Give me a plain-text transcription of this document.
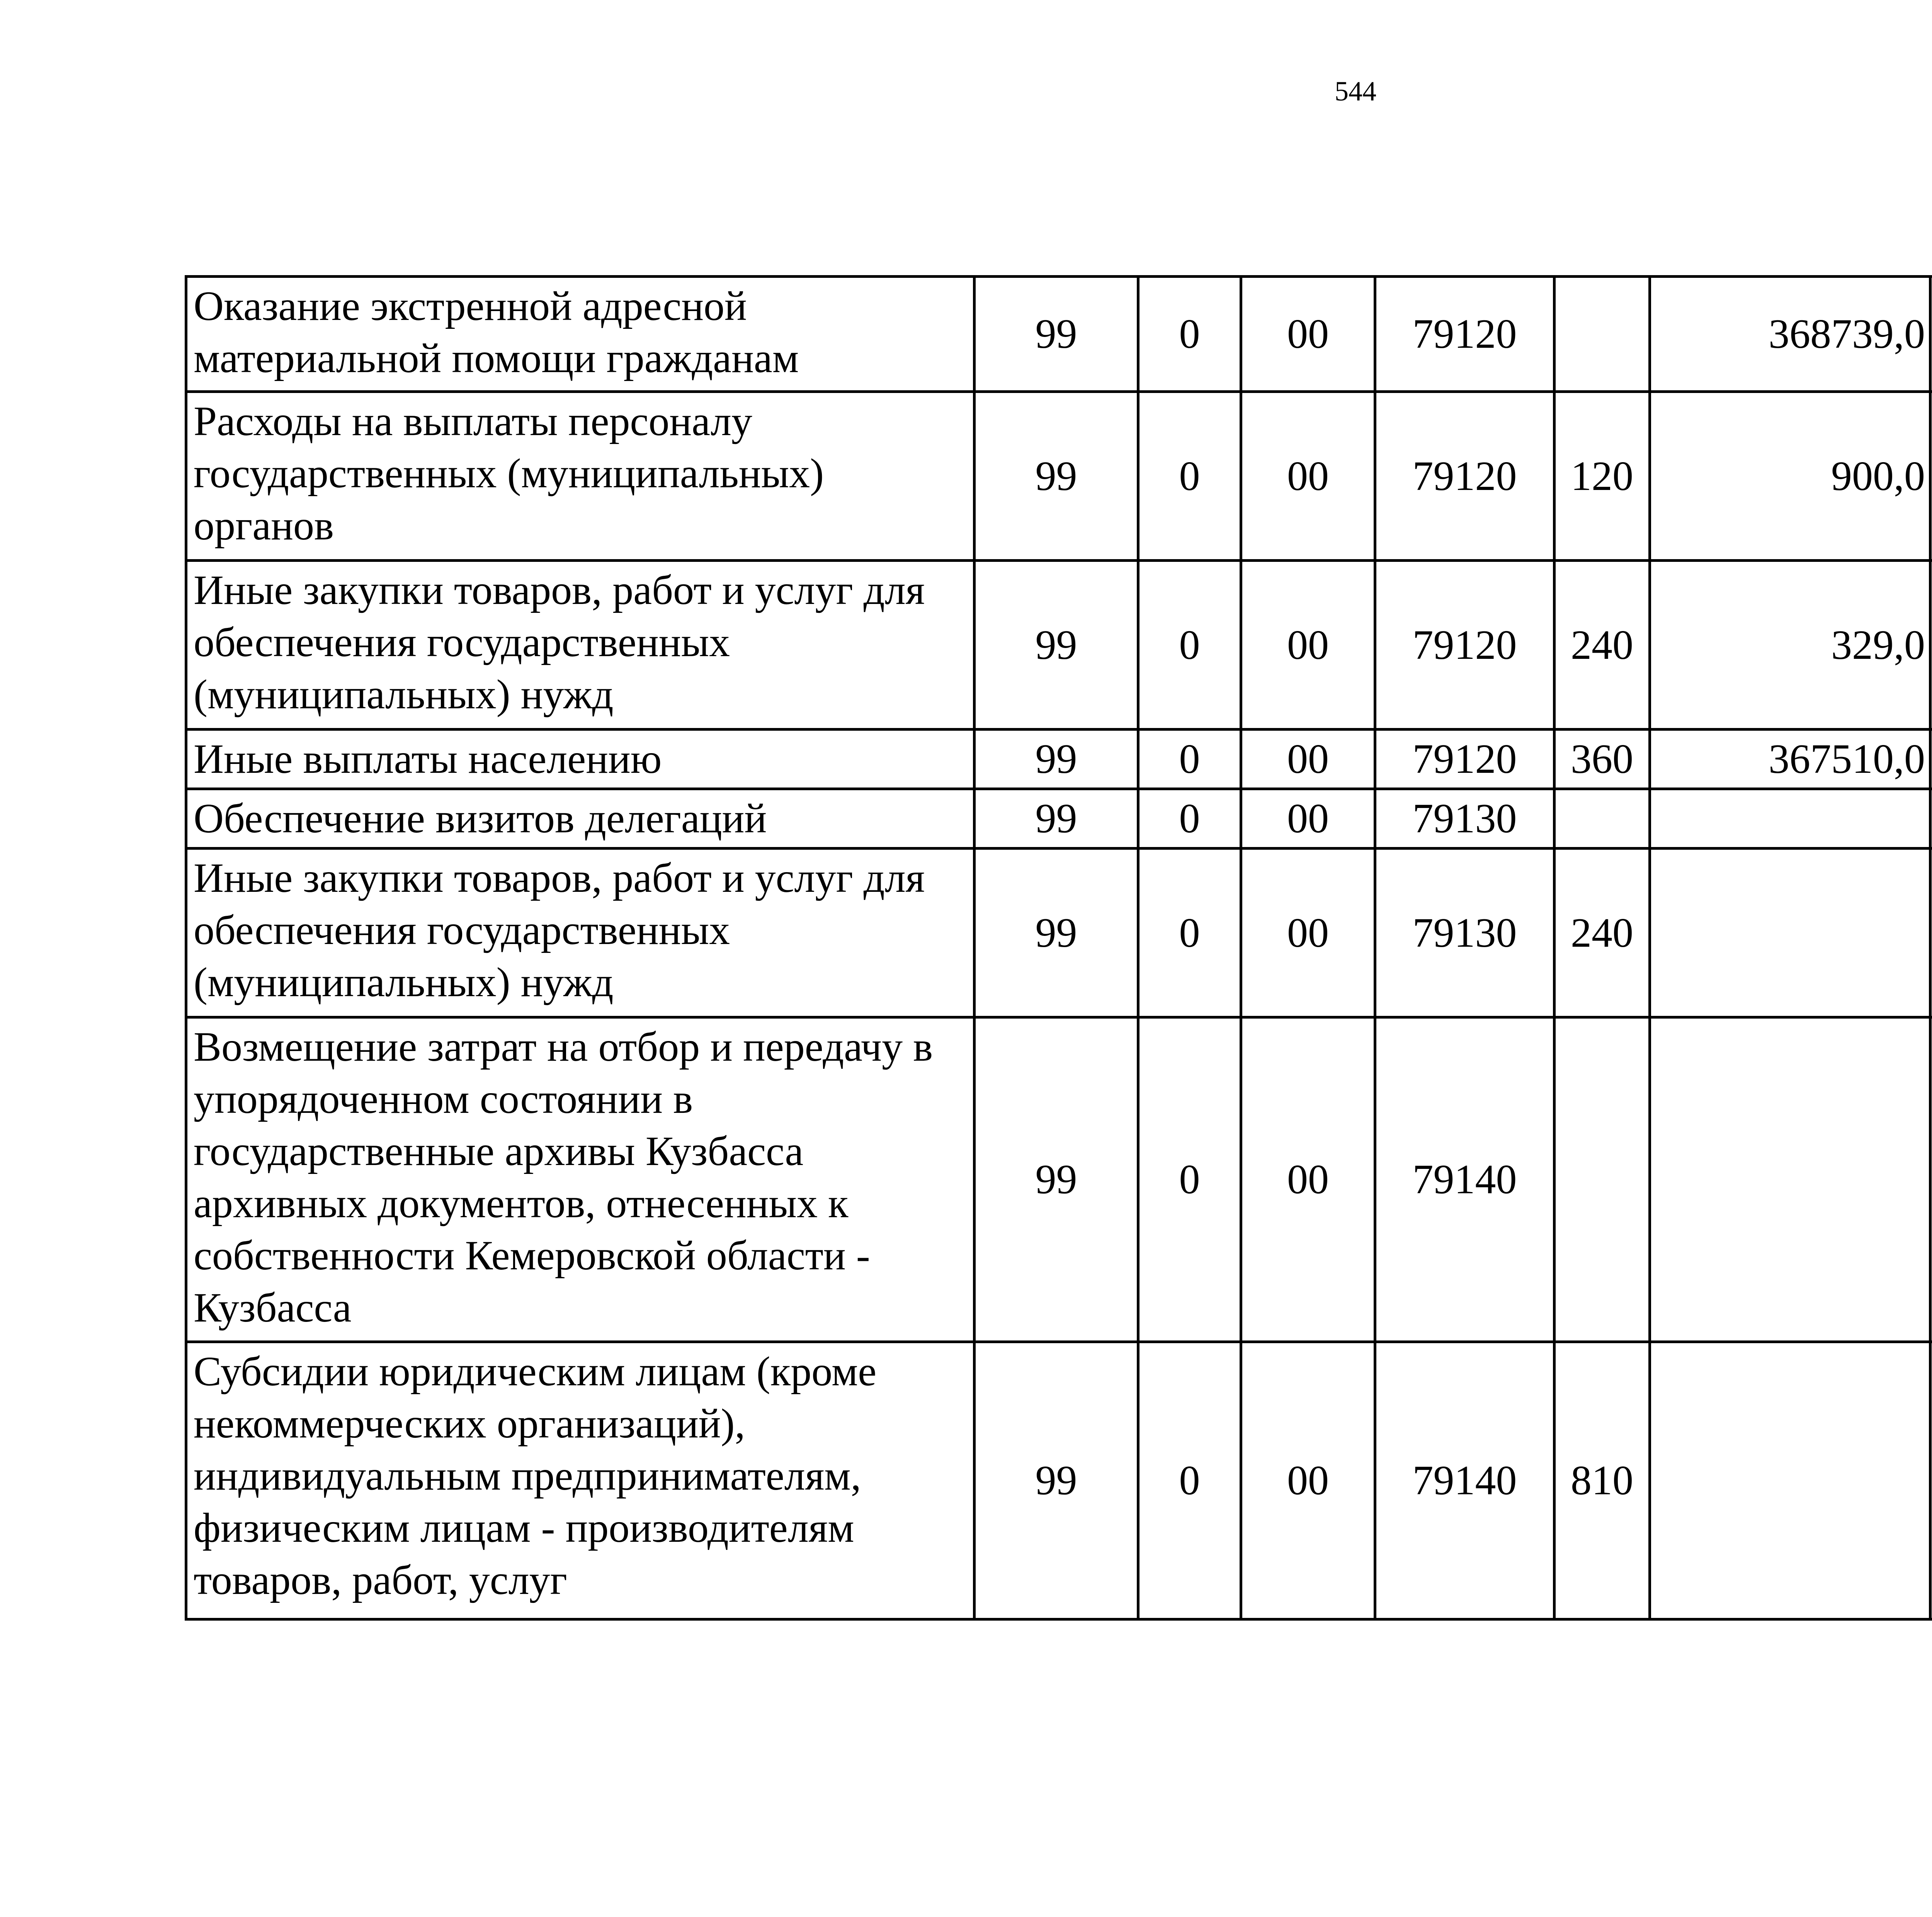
544
Оказание экстренной адресной материальной помощи гражданам	99	0	00	79120		368739,0		
Расходы на выплаты персоналу государственных (муниципальных) органов	99	0	00	79120	120	900,0		
Иные закупки товаров, работ и услуг для обеспечения государственных (муниципальных) нужд	99	0	00	79120	240	329,0		
Иные выплаты населению	99	0	00	79120	360	367510,0		
Обеспечение визитов делегаций	99	0	00	79130				
Иные закупки товаров, работ и услуг для обеспечения государственных (муниципальных) нужд	99	0	00	79130	240			
Возмещение затрат на отбор и передачу в упорядоченном состоянии в государственные архивы Кузбасса архивных документов, отнесенных к собственности Кемеровской области - Кузбасса	99	0	00	79140				
Субсидии юридическим лицам (кроме некоммерческих организаций), индивидуальным предпринимателям, физическим лицам - производителям товаров, работ, услуг	99	0	00	79140	810			
